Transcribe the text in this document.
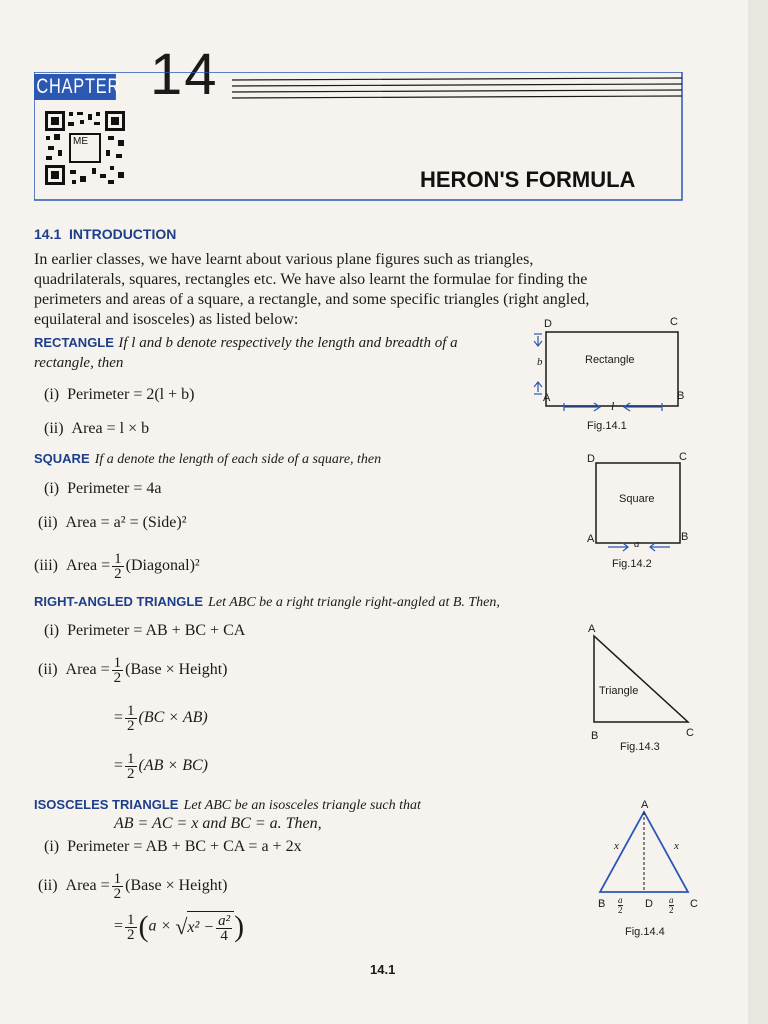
CHAPTER 14
ME
HERON'S FORMULA
14.1 INTRODUCTION
In earlier classes, we have learnt about various plane figures such as triangles,
quadrilaterals, squares, rectangles etc. We have also learnt the formulae for finding the
perimeters and areas of a square, a rectangle, and some specific triangles (right angled,
equilateral and isosceles) as listed below:
RECTANGLE If l and b denote respectively the length and breadth of a
rectangle, then
(i) Perimeter = 2(l + b)
(ii) Area = l × b
D	C
A	B
Rectangle
b
l
Fig.14.1
SQUARE If a denote the length of each side of a square, then
(i) Perimeter = 4a
(ii) Area = a² = (Side)²
(iii) Area = $\frac{1}{2}$ (Diagonal)²
D	C
A	B
Square
a
Fig.14.2
RIGHT-ANGLED TRIANGLE Let ABC be a right triangle right-angled at B. Then,
(i) Perimeter = AB + BC + CA
(ii) Area = $\frac{1}{2}$ (Base × Height)
= $\frac{1}{2} (BC \times AB)$
= $\frac{1}{2} (AB \times BC)$
A
B	C
Triangle
Fig.14.3
ISOSCELES TRIANGLE Let ABC be an isosceles triangle such that
AB = AC = x and BC = a. Then,
(i) Perimeter = AB + BC + CA = a + 2x
(ii) Area = $\frac{1}{2}$ (Base × Height)
= $\frac{1}{2} (a \times √x^2 - \frac{\text{a²}}{4}$ )
A
B	D	C
x	x
a
2
a
2
Fig.14.4
14.1
